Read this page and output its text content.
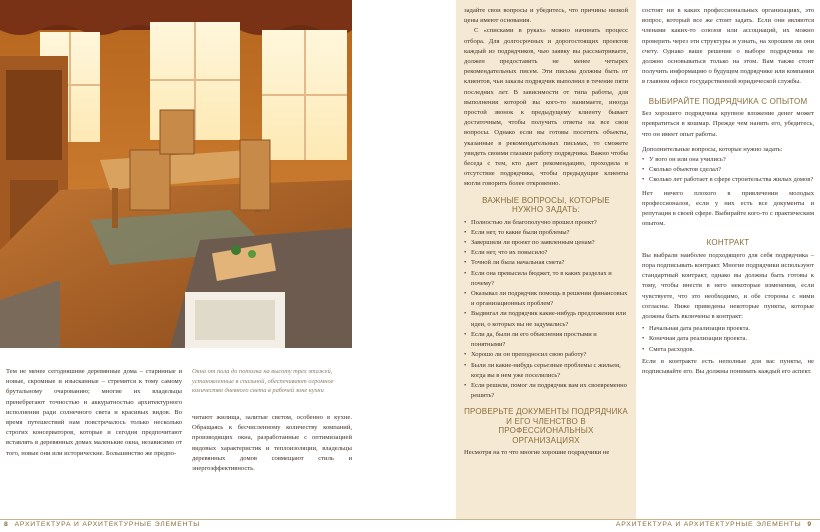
Тем не менее сегодняшние деревянные дома – старинные и новые, скромные и изысканные – стремятся к тому самому брутальному очарованию; многие их владельцы пренебрегают точностью и аккуратностью архитектурного исполнения ради солнечного света и красивых видов. Во время путешествий нам повстречалось только несколько строгих консерваторов, которые и сегодня предпочитают вставлять в деревянных домах маленькие окна, независимо от того, новые они или исторические. Большинство же предпо-
Окна от пола до потолка на высоту трех этажей, установленные в спальной, обеспечивают огромное количество дневного света в рабочей зоне кухни
читают жилища, залитые светом, особенно в кухне. Обращаясь к бесчисленному количеству компаний, производящих окна, разработанные с оптимизацией видовых характеристик и теплоизоляции, владельцы деревянных домов совмещают стиль и энергоэффективность.
задайте свои вопросы и убедитесь, что причины низкой цены имеют основания.
С «списками в руках» можно начинать процесс отбора. Для долгосрочных и дорогостоящих проектов каждый из подрядчиков, чью заявку вы рассматриваете, должен предоставить не менее четырех рекомендательных писем. Эти письма должны быть от клиентов, чьи заказы подрядчик выполнил в течение пяти последних лет. В зависимости от типа работы, для выполнения которой вы кого-то нанимаете, иногда простой звонок к предыдущему клиенту бывает достаточным, чтобы получить ответы на все свои вопросы. Однако если вы готовы посетить объекты, указанные в рекомендательных письмах, то сможете увидеть своими глазами работу подрядчика. Важно чтобы беседа с тем, кто дает рекомендацию, проходила в отсутствие подрядчика, чтобы предыдущие клиенты могли говорить более откровенно.
ВАЖНЫЕ ВОПРОСЫ, КОТОРЫЕ НУЖНО ЗАДАТЬ:
• Полностью ли благополучно прошел проект?
• Если нет, то какие были проблемы?
• Завершили ли проект по заявленным ценам?
• Если нет, что их повысило?
• Точной ли была начальная смета?
• Если она превысила бюджет, то в каких разделах и почему?
• Оказывал ли подрядчик помощь в решении финансовых и организационных проблем?
• Выдвигал ли подрядчик какие-нибудь предложения или идеи, о которых вы не задумались?
• Если да, были ли его объяснения простыми и понятными?
• Хорошо ли он преподносил свою работу?
• Были ли какие-нибудь серьезные проблемы с жильем, когда вы в нем уже поселились?
• Если решили, помог ли подрядчик вам их своевременно решить?
ПРОВЕРЬТЕ ДОКУМЕНТЫ ПОДРЯДЧИКА И ЕГО ЧЛЕНСТВО В ПРОФЕССИОНАЛЬНЫХ ОРГАНИЗАЦИЯХ
Несмотря на то что многие хорошие подрядчики не
состоят ни в каких профессиональных организациях, это вопрос, который все же стоит задать. Если они являются членами каких-то союзов или ассоциаций, их можно проверить через эти структуры и узнать, на хорошем ли они счету. Однако ваше решение о выборе подрядчика не должно основываться только на этом. Вам также стоит получить информацию о будущем подрядчике или компании в главном офисе государственной юридической службы.
ВЫБИРАЙТЕ ПОДРЯДЧИКА С ОПЫТОМ
Без хорошего подрядчика крупное вложение денег может превратиться в кошмар. Прежде чем нанять его, убедитесь, что он имеет опыт работы.
Дополнительные вопросы, которые нужно задать:
• У вого он или она учились?
• Сколько объектов сделал?
• Сколько лет работает в сфере строительства жилых домов?
Нет ничего плохого в привлечении молодых профессионалов, если у них есть все документы и репутация в своей сфере. Выбирайте кого-то с практическим опытом.
КОНТРАКТ
Вы выбрали наиболее подходящего для себя подрядчика – пора подписывать контракт. Многие подрядчики используют стандартный контракт, однако вы должны быть готовы к тому, чтобы внести в него некоторые изменения, если чувствуете, что это необходимо, и обе стороны с ними согласны. Ниже приведены некоторые пункты, которые должны быть включены в контракт:
• Начальная дата реализации проекта.
• Конечная дата реализации проекта.
• Смета расходов.
Если в контракте есть неполные для вас пункты, не подписывайте его. Вы должны понимать каждый его аспект.
8 АРХИТЕКТУРА И АРХИТЕКТУРНЫЕ ЭЛЕМЕНТЫ	АРХИТЕКТУРА И АРХИТЕКТУРНЫЕ ЭЛЕМЕНТЫ 9
